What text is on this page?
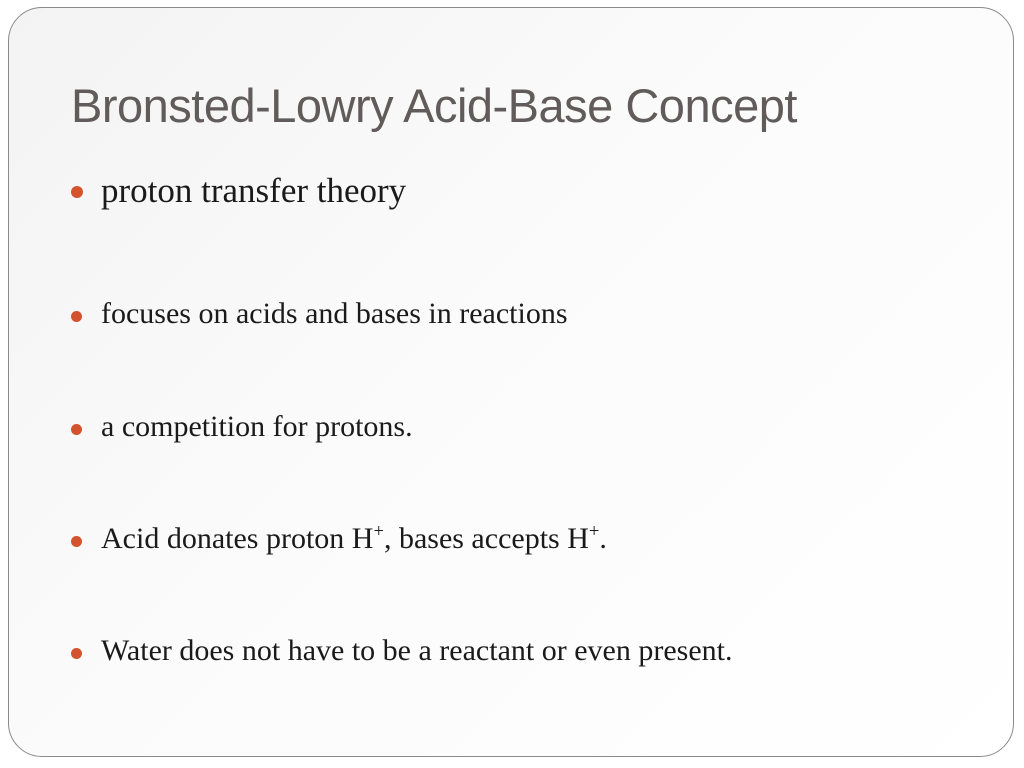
Bronsted-Lowry Acid-Base Concept
proton transfer theory
focuses on acids and bases in reactions
a competition for protons.
Acid donates proton H+, bases accepts H+.
Water does not have to be a reactant or even present.
